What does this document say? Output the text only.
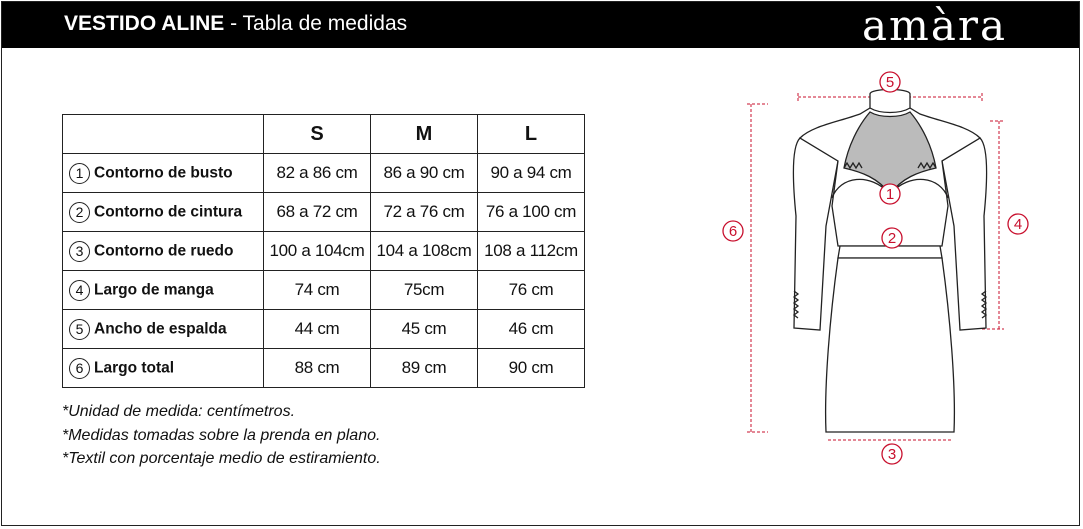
VESTIDO ALINE - Tabla de medidas	amàra
	S	M	L
1 Contorno de busto	82 a 86 cm	86 a 90 cm	90 a 94 cm
2 Contorno de cintura	68 a 72 cm	72 a 76 cm	76 a 100 cm
3 Contorno de ruedo	100 a 104cm	104 a 108cm	108 a 112cm
4 Largo de manga	74 cm	75cm	76 cm
5 Ancho de espalda	44 cm	45 cm	46 cm
6 Largo total	88 cm	89 cm	90 cm
*Unidad de medida: centímetros.
*Medidas tomadas sobre la prenda en plano.
*Textil con porcentaje medio de estiramiento.
5
6	4
1
2
3
